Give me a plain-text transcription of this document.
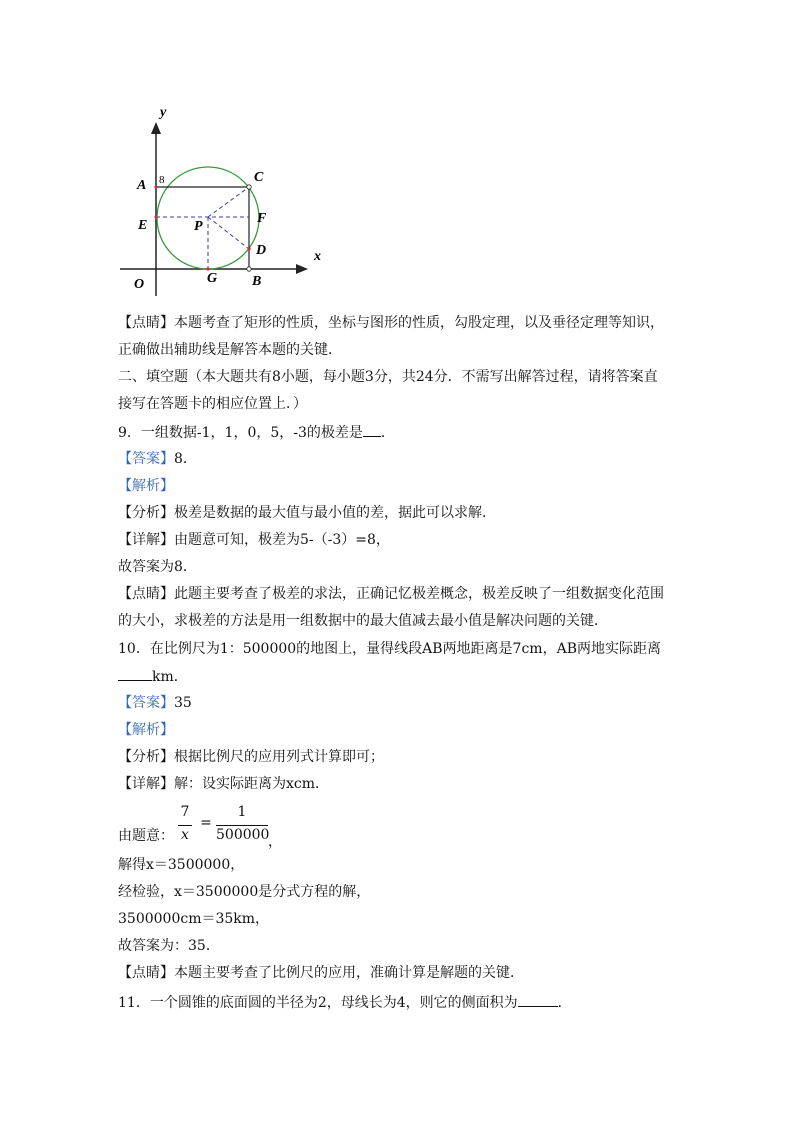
y
x
A 8	C
E	P
F
D
O	G B
【点睛】本题考查了矩形的性质，坐标与图形的性质，勾股定理，以及垂径定理等知识，
正确做出辅助线是解答本题的关键．
二、填空题（本大题共有8小题，每小题3分，共24分．不需写出解答过程，请将答案直
接写在答题卡的相应位置上．）
9．一组数据-1，1，0，5，-3的极差是 ．
【答案】8．
【解析】
【分析】极差是数据的最大值与最小值的差，据此可以求解．
【详解】由题意可知，极差为5-（-3）=8，
故答案为8．
【点睛】此题主要考查了极差的求法，正确记忆极差概念，极差反映了一组数据变化范围
的大小，求极差的方法是用一组数据中的最大值减去最小值是解决问题的关键．
10．在比例尺为1：500000的地图上，量得线段AB两地距离是7cm，AB两地实际距离
km．
【答案】35
【解析】
【分析】根据比例尺的应用列式计算即可；
【详解】解：设实际距离为xcm．
由题意：
7
x
=
1
500000
，
解得x＝3500000，
经检验，x＝3500000是分式方程的解，
3500000cm＝35km，
故答案为：35．
【点睛】本题主要考查了比例尺的应用，准确计算是解题的关键．
11．一个圆锥的底面圆的半径为2，母线长为4，则它的侧面积为	．
